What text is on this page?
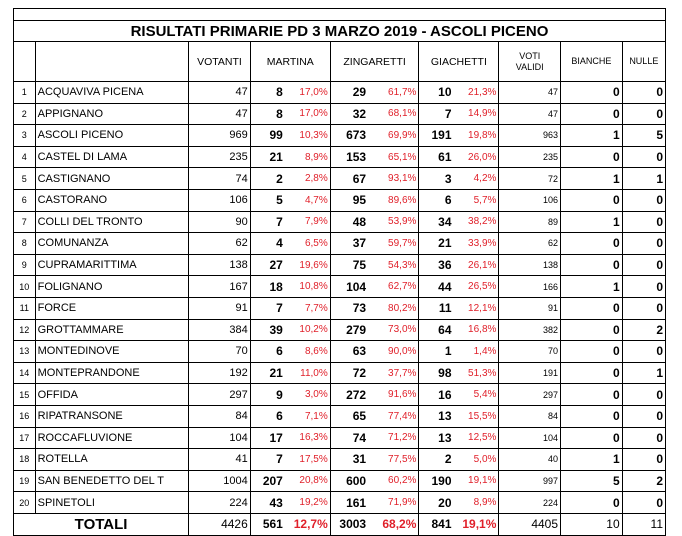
RISULTATI PRIMARIE PD 3 MARZO 2019 - ASCOLI PICENO											
		VOTANTI	MARTINA		ZINGARETTI		GIACHETTI		VOTI
VALIDI	BIANCHE	NULLE
1	ACQUAVIVA PICENA	47	8	17,0%	29	61,7%	10	21,3%	47	0	0
2	APPIGNANO	47	8	17,0%	32	68,1%	7	14,9%	47	0	0
3	ASCOLI PICENO	969	99	10,3%	673	69,9%	191	19,8%	963	1	5
4	CASTEL DI LAMA	235	21	8,9%	153	65,1%	61	26,0%	235	0	0
5	CASTIGNANO	74	2	2,8%	67	93,1%	3	4,2%	72	1	1
6	CASTORANO	106	5	4,7%	95	89,6%	6	5,7%	106	0	0
7	COLLI DEL TRONTO	90	7	7,9%	48	53,9%	34	38,2%	89	1	0
8	COMUNANZA	62	4	6,5%	37	59,7%	21	33,9%	62	0	0
9	CUPRAMARITTIMA	138	27	19,6%	75	54,3%	36	26,1%	138	0	0
10	FOLIGNANO	167	18	10,8%	104	62,7%	44	26,5%	166	1	0
11	FORCE	91	7	7,7%	73	80,2%	11	12,1%	91	0	0
12	GROTTAMMARE	384	39	10,2%	279	73,0%	64	16,8%	382	0	2
13	MONTEDINOVE	70	6	8,6%	63	90,0%	1	1,4%	70	0	0
14	MONTEPRANDONE	192	21	11,0%	72	37,7%	98	51,3%	191	0	1
15	OFFIDA	297	9	3,0%	272	91,6%	16	5,4%	297	0	0
16	RIPATRANSONE	84	6	7,1%	65	77,4%	13	15,5%	84	0	0
17	ROCCAFLUVIONE	104	17	16,3%	74	71,2%	13	12,5%	104	0	0
18	ROTELLA	41	7	17,5%	31	77,5%	2	5,0%	40	1	0
19	SAN BENEDETTO DEL T	1004	207	20,8%	600	60,2%	190	19,1%	997	5	2
20	SPINETOLI	224	43	19,2%	161	71,9%	20	8,9%	224	0	0
TOTALI		4426	561	12,7%	3003	68,2%	841	19,1%	4405	10	11
